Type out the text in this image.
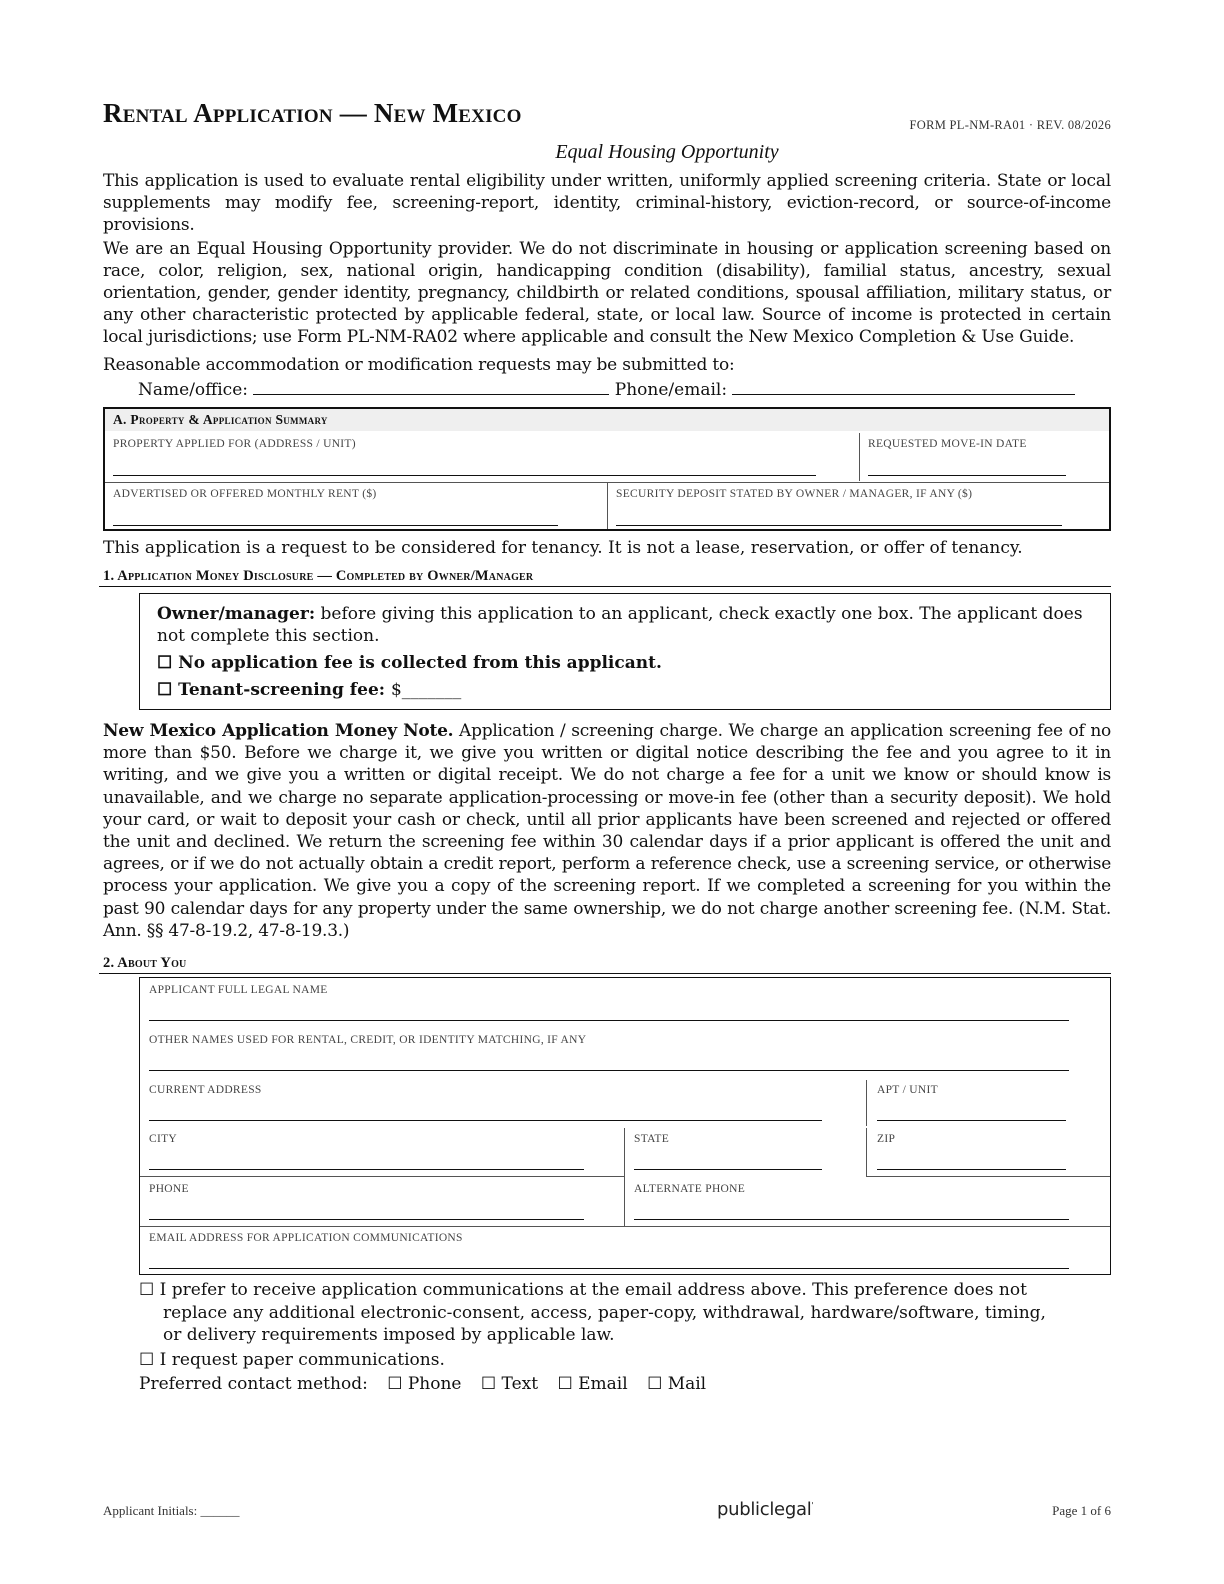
Rental Application — New Mexico	FORM PL-NM-RA01 · REV. 08/2026
Equal Housing Opportunity

This application is used to evaluate rental eligibility under written, uniformly applied screening criteria. State or local supplements may modify fee, screening-report, identity, criminal-history, eviction-record, or source-of-income provisions.

We are an Equal Housing Opportunity provider. We do not discriminate in housing or application screening based on race, color, religion, sex, national origin, handicapping condition (disability), familial status, ancestry, sexual orientation, gender, gender identity, pregnancy, childbirth or related conditions, spousal affiliation, military status, or any other characteristic protected by applicable federal, state, or local law. Source of income is protected in certain local jurisdictions; use Form PL-NM-RA02 where applicable and consult the New Mexico Completion & Use Guide.

Reasonable accommodation or modification requests may be submitted to:

Name/office:	Phone/email:
A. Property & Application Summary
PROPERTY APPLIED FOR (ADDRESS / UNIT)	REQUESTED MOVE-IN DATE
ADVERTISED OR OFFERED MONTHLY RENT ($)	SECURITY DEPOSIT STATED BY OWNER / MANAGER, IF ANY ($)

This application is a request to be considered for tenancy. It is not a lease, reservation, or offer of tenancy.

1. Application Money Disclosure — Completed by Owner/Manager

Owner/manager: before giving this application to an applicant, check exactly one box. The applicant does not complete this section.

☐ No application fee is collected from this applicant.

☐ Tenant-screening fee: $_______

New Mexico Application Money Note. Application / screening charge. We charge an application screening fee of no more than $50. Before we charge it, we give you written or digital notice describing the fee and you agree to it in writing, and we give you a written or digital receipt. We do not charge a fee for a unit we know or should know is unavailable, and we charge no separate application-processing or move-in fee (other than a security deposit). We hold your card, or wait to deposit your cash or check, until all prior applicants have been screened and rejected or offered the unit and declined. We return the screening fee within 30 calendar days if a prior applicant is offered the unit and agrees, or if we do not actually obtain a credit report, perform a reference check, use a screening service, or otherwise process your application. We give you a copy of the screening report. If we completed a screening for you within the past 90 calendar days for any property under the same ownership, we do not charge another screening fee. (N.M. Stat. Ann. §§ 47-8-19.2, 47-8-19.3.)

2. About You
APPLICANT FULL LEGAL NAME
OTHER NAMES USED FOR RENTAL, CREDIT, OR IDENTITY MATCHING, IF ANY
CURRENT ADDRESS	APT / UNIT
CITY	STATE	ZIP
PHONE	ALTERNATE PHONE
EMAIL ADDRESS FOR APPLICATION COMMUNICATIONS
☐ I prefer to receive application communications at the email address above. This preference does not
replace any additional electronic-consent, access, paper-copy, withdrawal, hardware/software, timing,
or delivery requirements imposed by applicable law.
☐ I request paper communications.
Preferred contact method: ☐ Phone ☐ Text ☐ Email ☐ Mail
Applicant Initials: ______	publiclegal'	Page 1 of 6
